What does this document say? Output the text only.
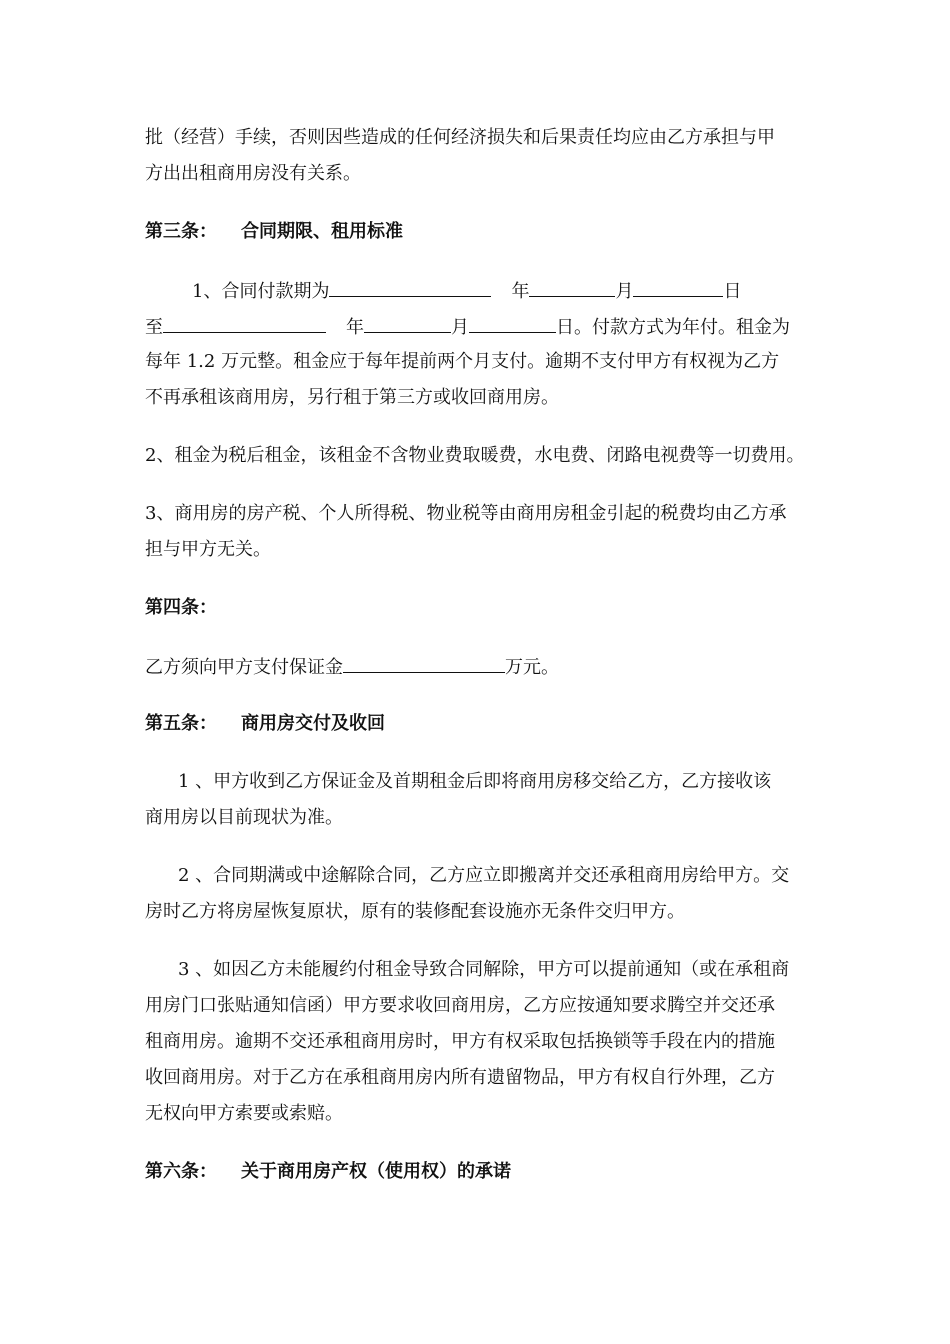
批（经营）手续，否则因些造成的任何经济损失和后果责任均应由乙方承担与甲
方出出租商用房没有关系。
第三条： 合同期限、租用标准
1、合同付款期为	年	月	日
至	年	月	日。付款方式为年付。租金为
每年 1.2 万元整。租金应于每年提前两个月支付。逾期不支付甲方有权视为乙方
不再承租该商用房，另行租于第三方或收回商用房。
2、租金为税后租金，该租金不含物业费取暖费，水电费、闭路电视费等一切费用。
3、商用房的房产税、个人所得税、物业税等由商用房租金引起的税费均由乙方承
担与甲方无关。
第四条：
乙方须向甲方支付保证金	万元。
第五条： 商用房交付及收回
1 、甲方收到乙方保证金及首期租金后即将商用房移交给乙方，乙方接收该
商用房以目前现状为准。
2 、合同期满或中途解除合同，乙方应立即搬离并交还承租商用房给甲方。交
房时乙方将房屋恢复原状，原有的装修配套设施亦无条件交归甲方。
3 、如因乙方未能履约付租金导致合同解除，甲方可以提前通知（或在承租商
用房门口张贴通知信函）甲方要求收回商用房，乙方应按通知要求腾空并交还承
租商用房。逾期不交还承租商用房时，甲方有权采取包括换锁等手段在内的措施
收回商用房。对于乙方在承租商用房内所有遗留物品，甲方有权自行外理，乙方
无权向甲方索要或索赔。
第六条： 关于商用房产权（使用权）的承诺
